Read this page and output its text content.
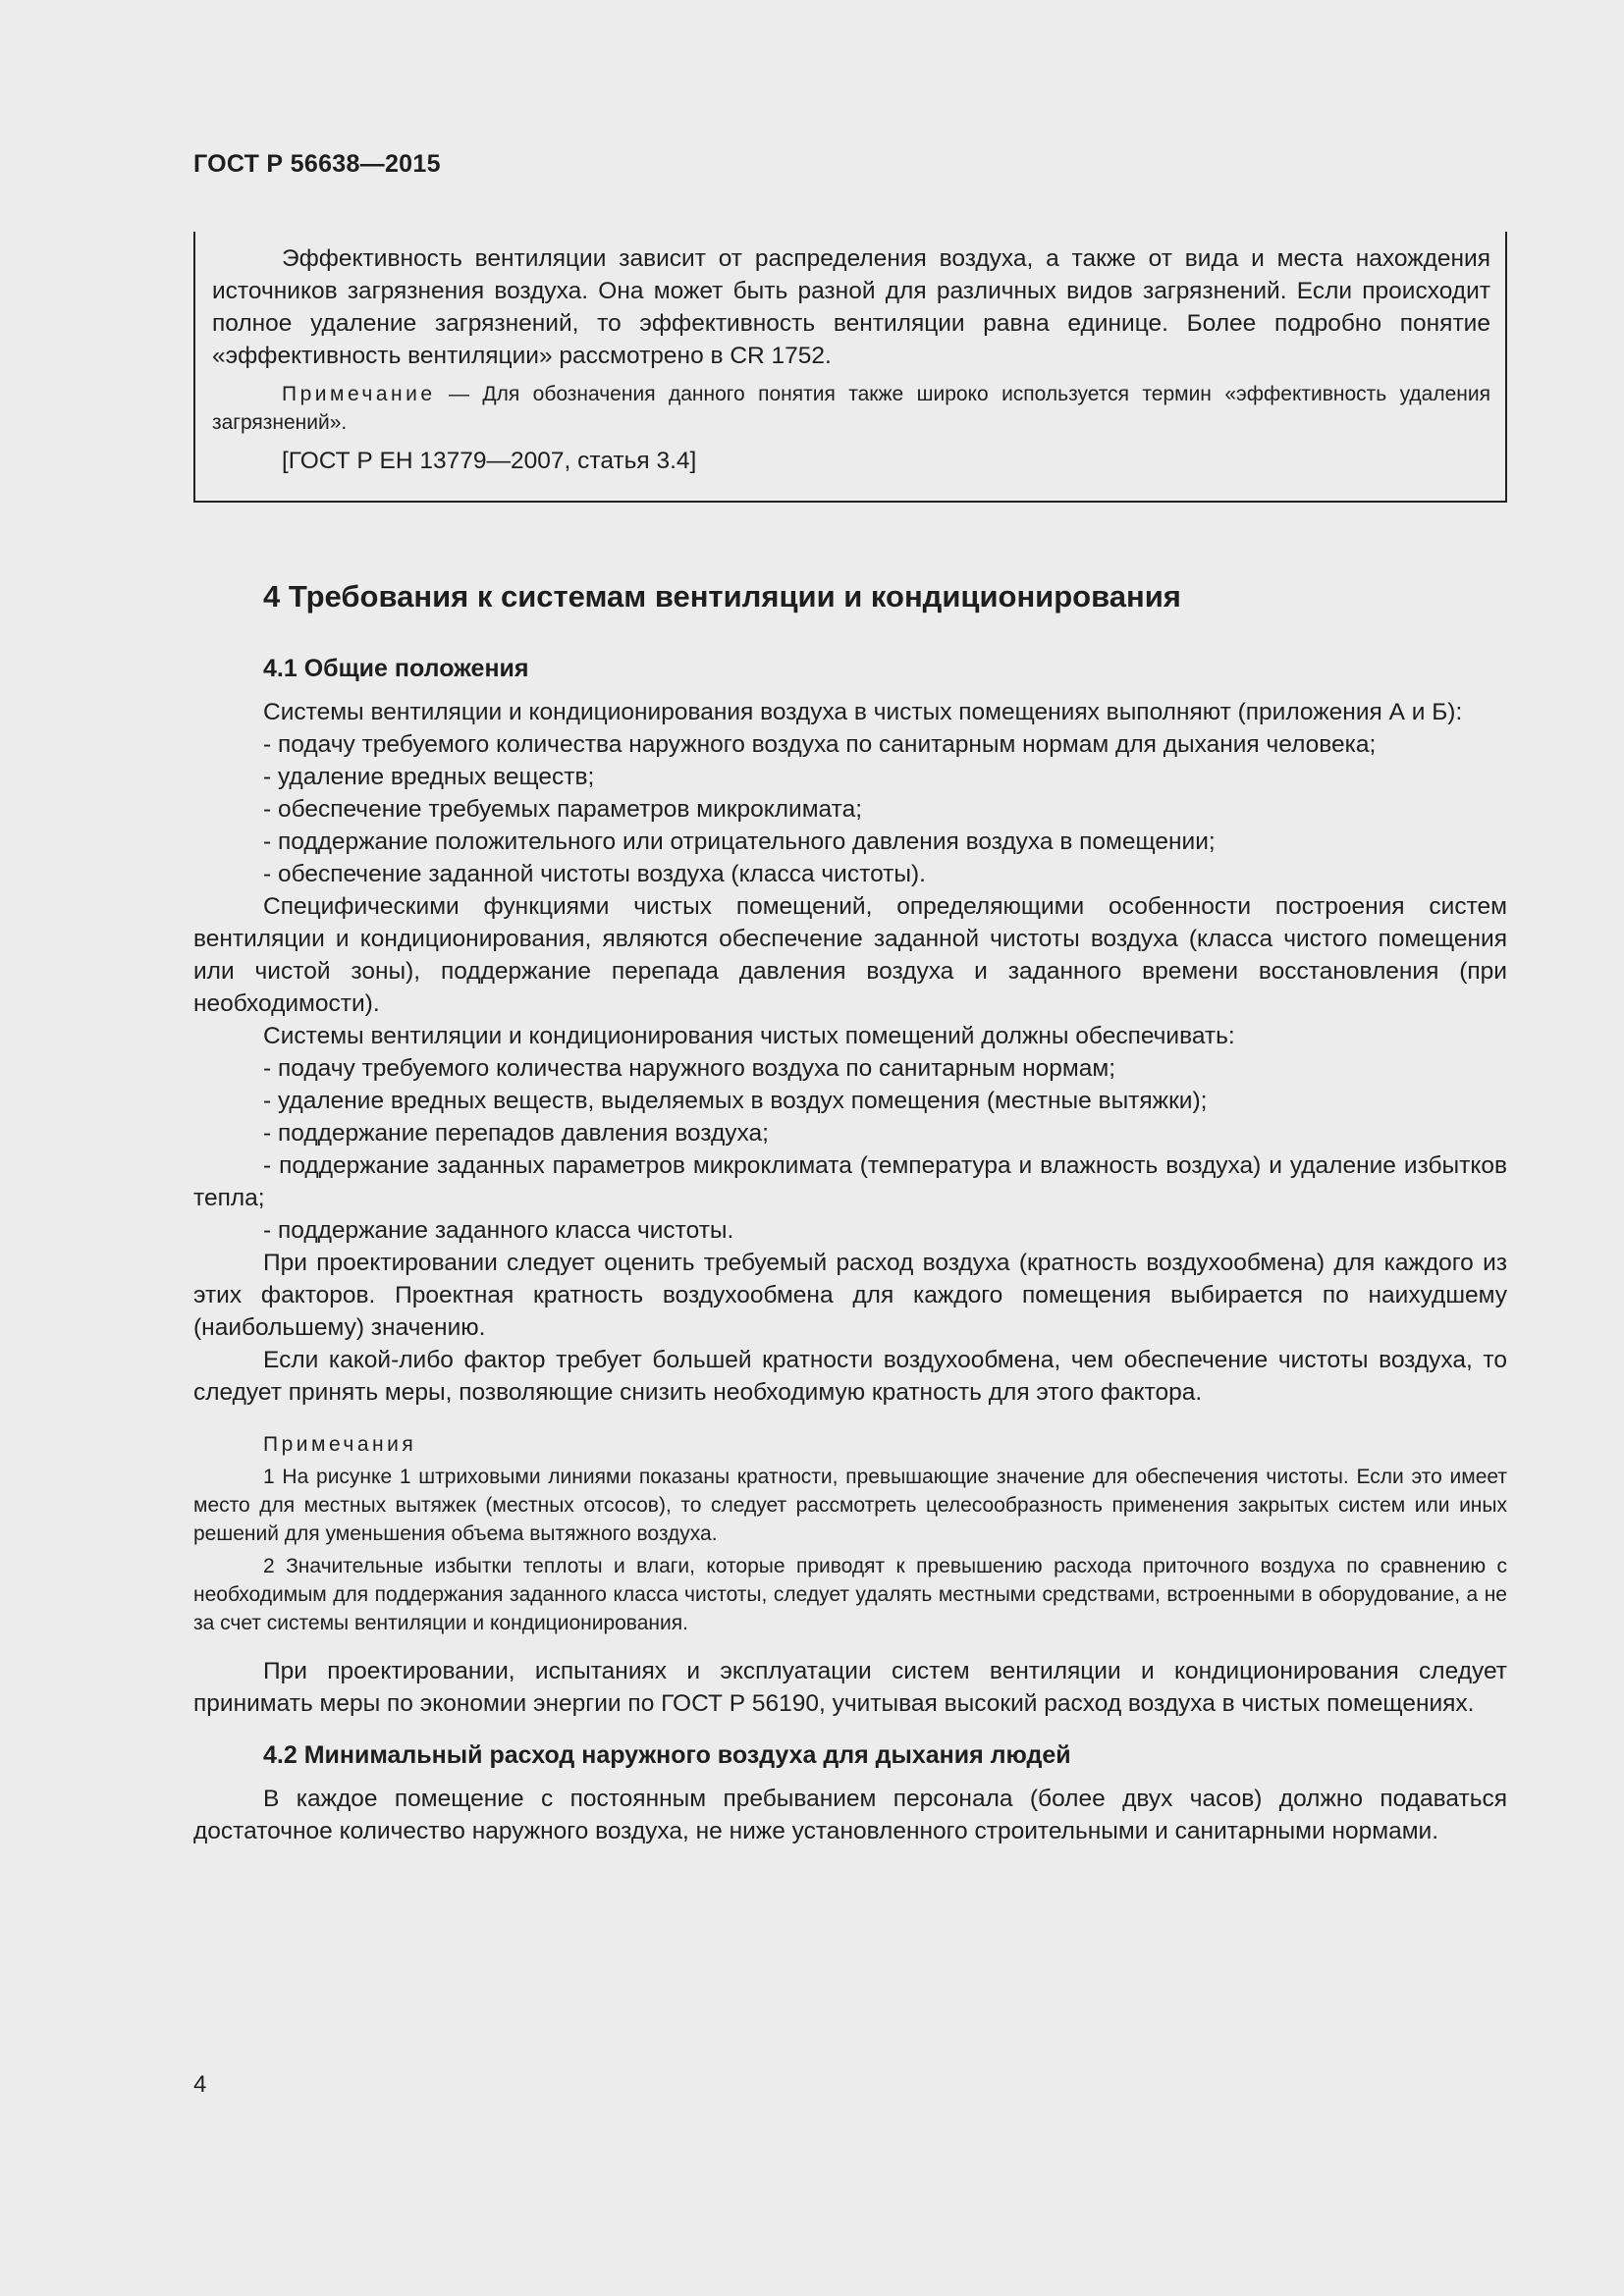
ГОСТ Р 56638—2015

Эффективность вентиляции зависит от распределения воздуха, а также от вида и места нахождения источников загрязнения воздуха. Она может быть разной для различных видов загрязнений. Если происходит полное удаление загрязнений, то эффективность вентиляции равна единице. Более подробно понятие «эффективность вентиляции» рассмотрено в CR 1752.

Примечание — Для обозначения данного понятия также широко используется термин «эффективность удаления загрязнений».

[ГОСТ Р ЕН 13779—2007, статья 3.4]

4 Требования к системам вентиляции и кондиционирования

4.1 Общие положения

Системы вентиляции и кондиционирования воздуха в чистых помещениях выполняют (приложения А и Б):

- подачу требуемого количества наружного воздуха по санитарным нормам для дыхания человека;

- удаление вредных веществ;

- обеспечение требуемых параметров микроклимата;

- поддержание положительного или отрицательного давления воздуха в помещении;

- обеспечение заданной чистоты воздуха (класса чистоты).

Специфическими функциями чистых помещений, определяющими особенности построения систем вентиляции и кондиционирования, являются обеспечение заданной чистоты воздуха (класса чистого помещения или чистой зоны), поддержание перепада давления воздуха и заданного времени восстановления (при необходимости).

Системы вентиляции и кондиционирования чистых помещений должны обеспечивать:

- подачу требуемого количества наружного воздуха по санитарным нормам;

- удаление вредных веществ, выделяемых в воздух помещения (местные вытяжки);

- поддержание перепадов давления воздуха;

- поддержание заданных параметров микроклимата (температура и влажность воздуха) и удаление избытков тепла;

- поддержание заданного класса чистоты.

При проектировании следует оценить требуемый расход воздуха (кратность воздухообмена) для каждого из этих факторов. Проектная кратность воздухообмена для каждого помещения выбирается по наихудшему (наибольшему) значению.

Если какой-либо фактор требует большей кратности воздухообмена, чем обеспечение чистоты воздуха, то следует принять меры, позволяющие снизить необходимую кратность для этого фактора.

Примечания

1 На рисунке 1 штриховыми линиями показаны кратности, превышающие значение для обеспечения чистоты. Если это имеет место для местных вытяжек (местных отсосов), то следует рассмотреть целесообразность применения закрытых систем или иных решений для уменьшения объема вытяжного воздуха.

2 Значительные избытки теплоты и влаги, которые приводят к превышению расхода приточного воздуха по сравнению с необходимым для поддержания заданного класса чистоты, следует удалять местными средствами, встроенными в оборудование, а не за счет системы вентиляции и кондиционирования.

При проектировании, испытаниях и эксплуатации систем вентиляции и кондиционирования следует принимать меры по экономии энергии по ГОСТ Р 56190, учитывая высокий расход воздуха в чистых помещениях.

4.2 Минимальный расход наружного воздуха для дыхания людей

В каждое помещение с постоянным пребыванием персонала (более двух часов) должно подаваться достаточное количество наружного воздуха, не ниже установленного строительными и санитарными нормами.

4
